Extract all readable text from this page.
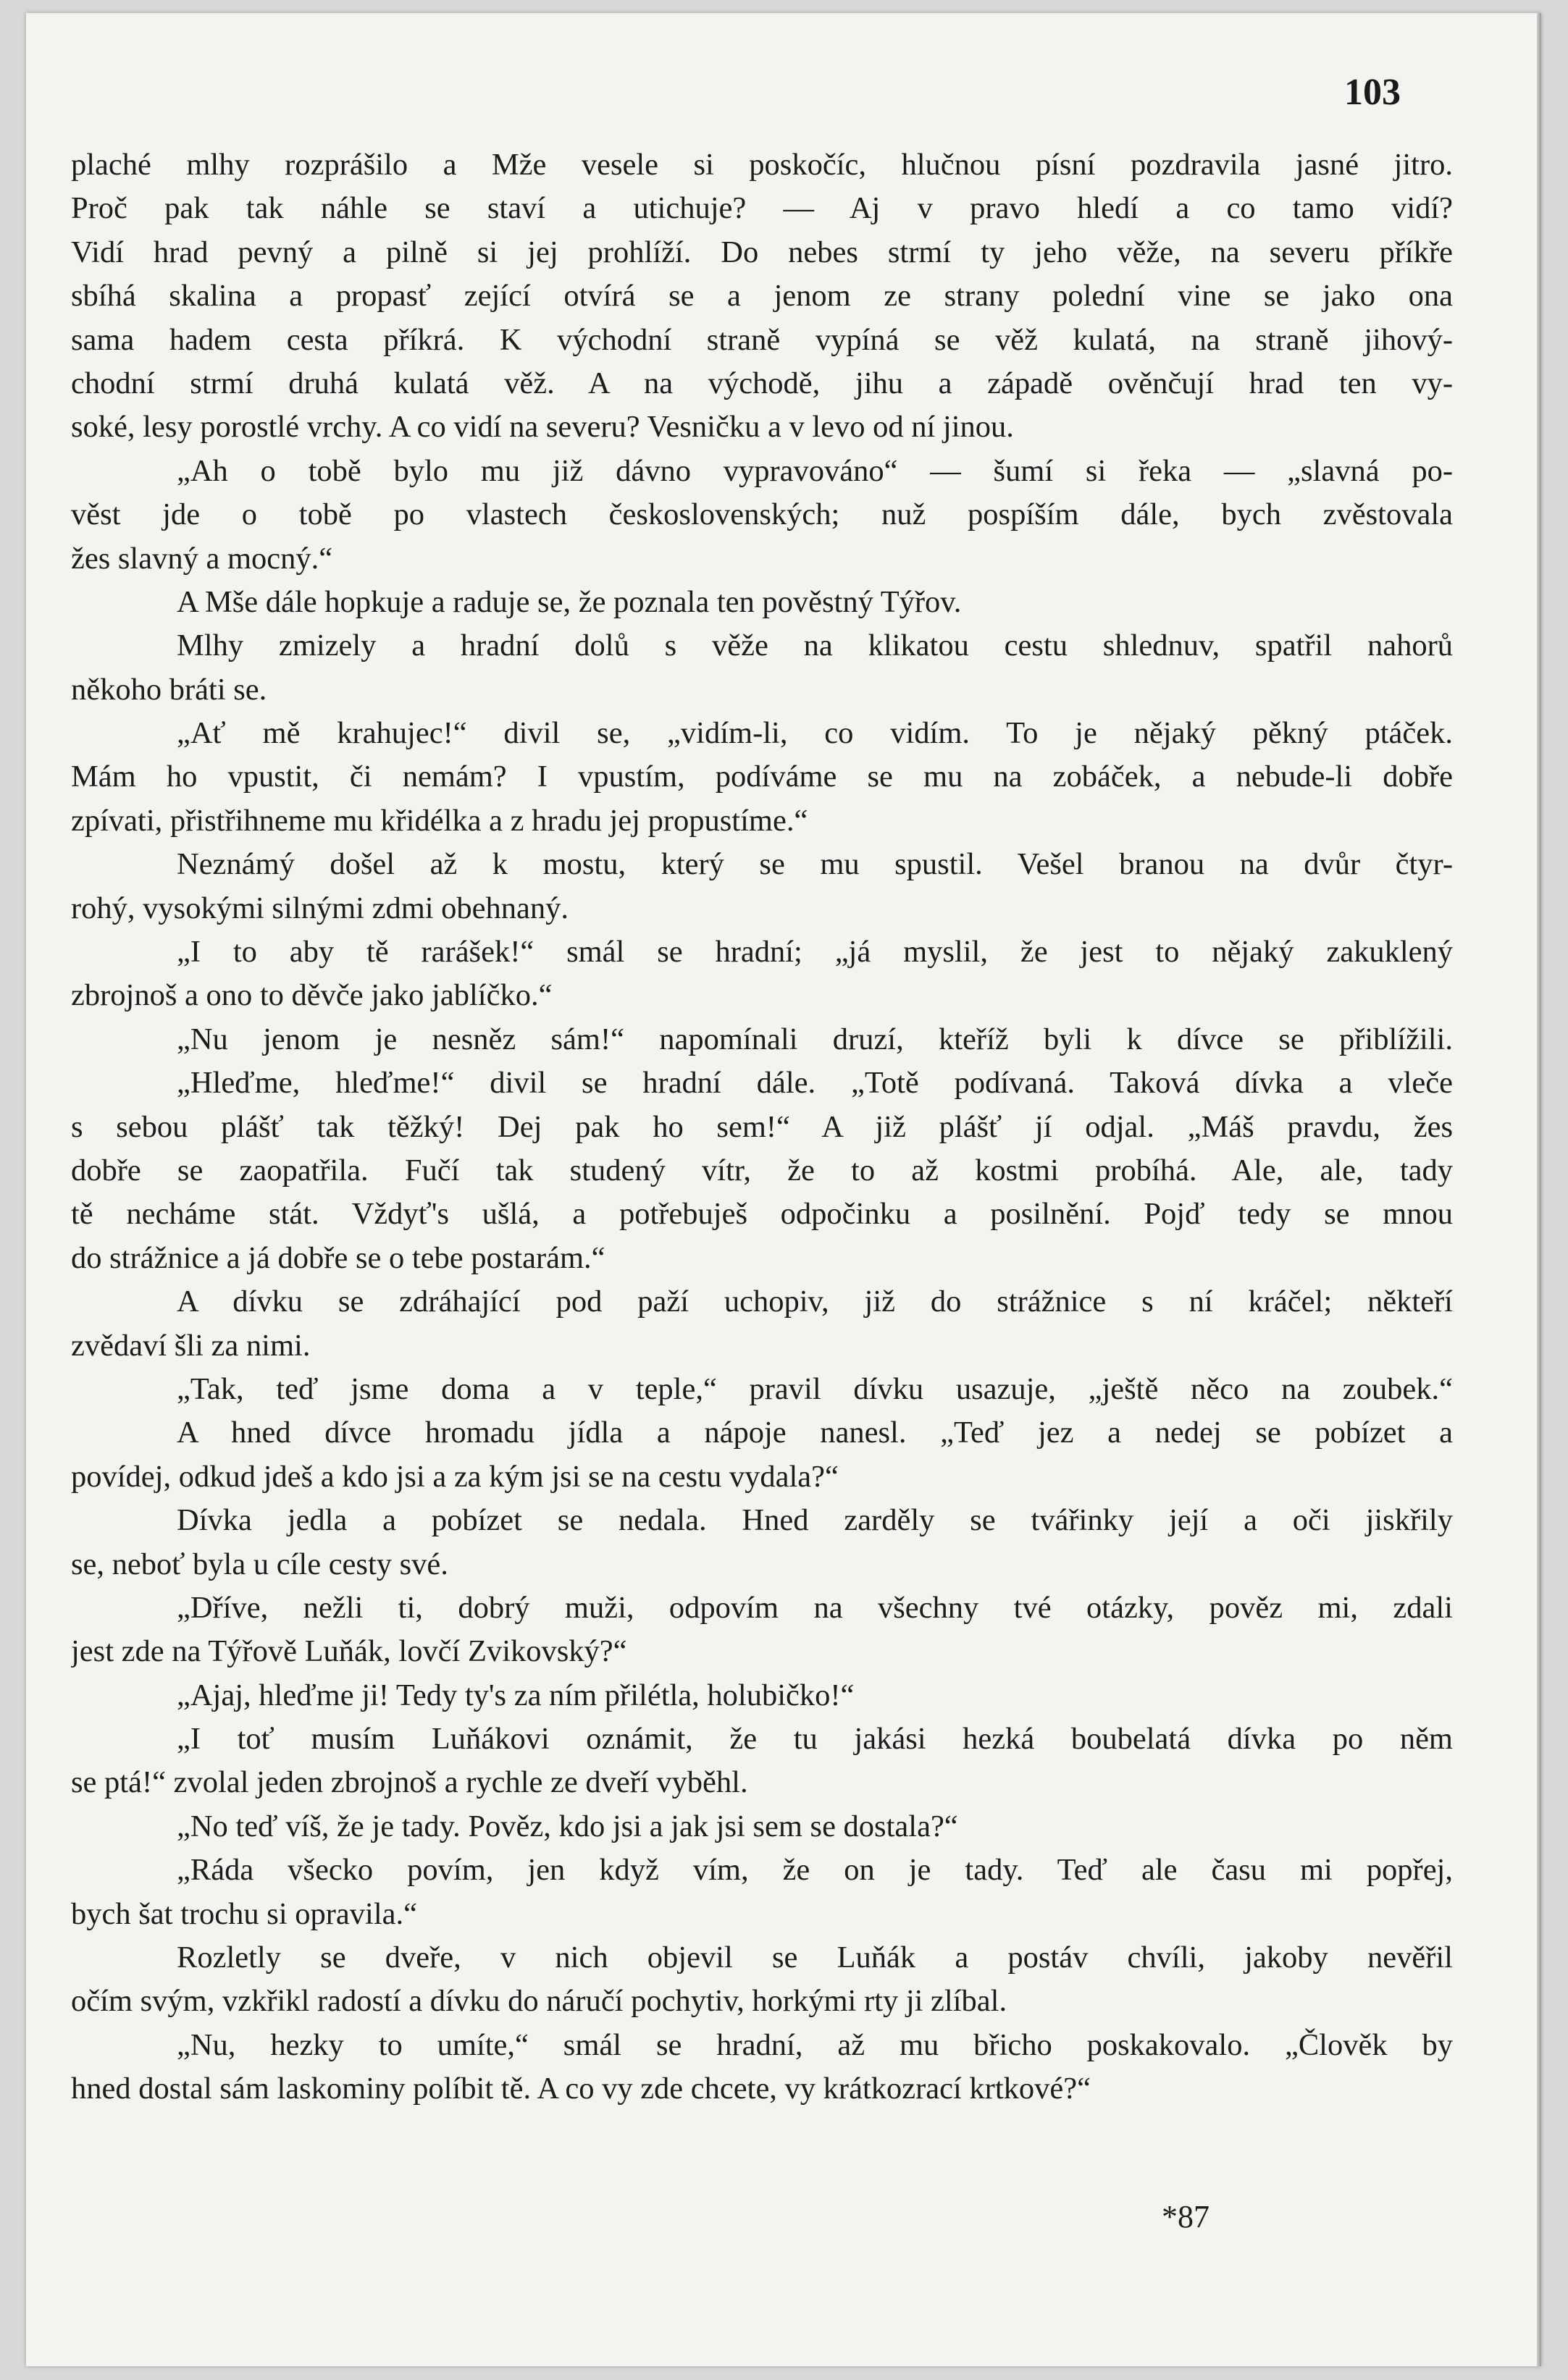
103
plaché mlhy rozprášilo a Mže vesele si poskočíc, hlučnou písní pozdravila jasné jitro.
Proč pak tak náhle se staví a utichuje? — Aj v pravo hledí a co tamo vidí?
Vidí hrad pevný a pilně si jej prohlíží. Do nebes strmí ty jeho věže, na severu příkře
sbíhá skalina a propasť zející otvírá se a jenom ze strany polední vine se jako ona
sama hadem cesta příkrá. K východní straně vypíná se věž kulatá, na straně jihový-
chodní strmí druhá kulatá věž. A na východě, jihu a západě ověnčují hrad ten vy-
soké, lesy porostlé vrchy. A co vidí na severu? Vesničku a v levo od ní jinou.
„Ah o tobě bylo mu již dávno vypravováno“ — šumí si řeka — „slavná po-
věst jde o tobě po vlastech československých; nuž pospíším dále, bych zvěstovala
žes slavný a mocný.“
A Mše dále hopkuje a raduje se, že poznala ten pověstný Týřov.
Mlhy zmizely a hradní dolů s věže na klikatou cestu shlednuv, spatřil nahorů
někoho bráti se.
„Ať mě krahujec!“ divil se, „vidím-li, co vidím. To je nějaký pěkný ptáček.
Mám ho vpustit, či nemám? I vpustím, podíváme se mu na zobáček, a nebude-li dobře
zpívati, přistřihneme mu křidélka a z hradu jej propustíme.“
Neznámý došel až k mostu, který se mu spustil. Vešel branou na dvůr čtyr-
rohý, vysokými silnými zdmi obehnaný.
„I to aby tě rarášek!“ smál se hradní; „já myslil, že jest to nějaký zakuklený
zbrojnoš a ono to děvče jako jablíčko.“
„Nu jenom je nesněz sám!“ napomínali druzí, kteříž byli k dívce se přiblížili.
„Hleďme, hleďme!“ divil se hradní dále. „Totě podívaná. Taková dívka a vleče
s sebou plášť tak těžký! Dej pak ho sem!“ A již plášť jí odjal. „Máš pravdu, žes
dobře se zaopatřila. Fučí tak studený vítr, že to až kostmi probíhá. Ale, ale, tady
tě necháme stát. Vždyť's ušlá, a potřebuješ odpočinku a posilnění. Pojď tedy se mnou
do strážnice a já dobře se o tebe postarám.“
A dívku se zdráhající pod paží uchopiv, již do strážnice s ní kráčel; někteří
zvědaví šli za nimi.
„Tak, teď jsme doma a v teple,“ pravil dívku usazuje, „ještě něco na zoubek.“
A hned dívce hromadu jídla a nápoje nanesl. „Teď jez a nedej se pobízet a
povídej, odkud jdeš a kdo jsi a za kým jsi se na cestu vydala?“
Dívka jedla a pobízet se nedala. Hned zarděly se tvářinky její a oči jiskřily
se, neboť byla u cíle cesty své.
„Dříve, nežli ti, dobrý muži, odpovím na všechny tvé otázky, pověz mi, zdali
jest zde na Týřově Luňák, lovčí Zvikovský?“
„Ajaj, hleďme ji! Tedy ty's za ním přilétla, holubičko!“
„I toť musím Luňákovi oznámit, že tu jakási hezká boubelatá dívka po něm
se ptá!“ zvolal jeden zbrojnoš a rychle ze dveří vyběhl.
„No teď víš, že je tady. Pověz, kdo jsi a jak jsi sem se dostala?“
„Ráda všecko povím, jen když vím, že on je tady. Teď ale času mi popřej,
bych šat trochu si opravila.“
Rozletly se dveře, v nich objevil se Luňák a postáv chvíli, jakoby nevěřil
očím svým, vzkřikl radostí a dívku do náručí pochytiv, horkými rty ji zlíbal.
„Nu, hezky to umíte,“ smál se hradní, až mu břicho poskakovalo. „Člověk by
hned dostal sám laskominy políbit tě. A co vy zde chcete, vy krátkozrací krtkové?“
*87
